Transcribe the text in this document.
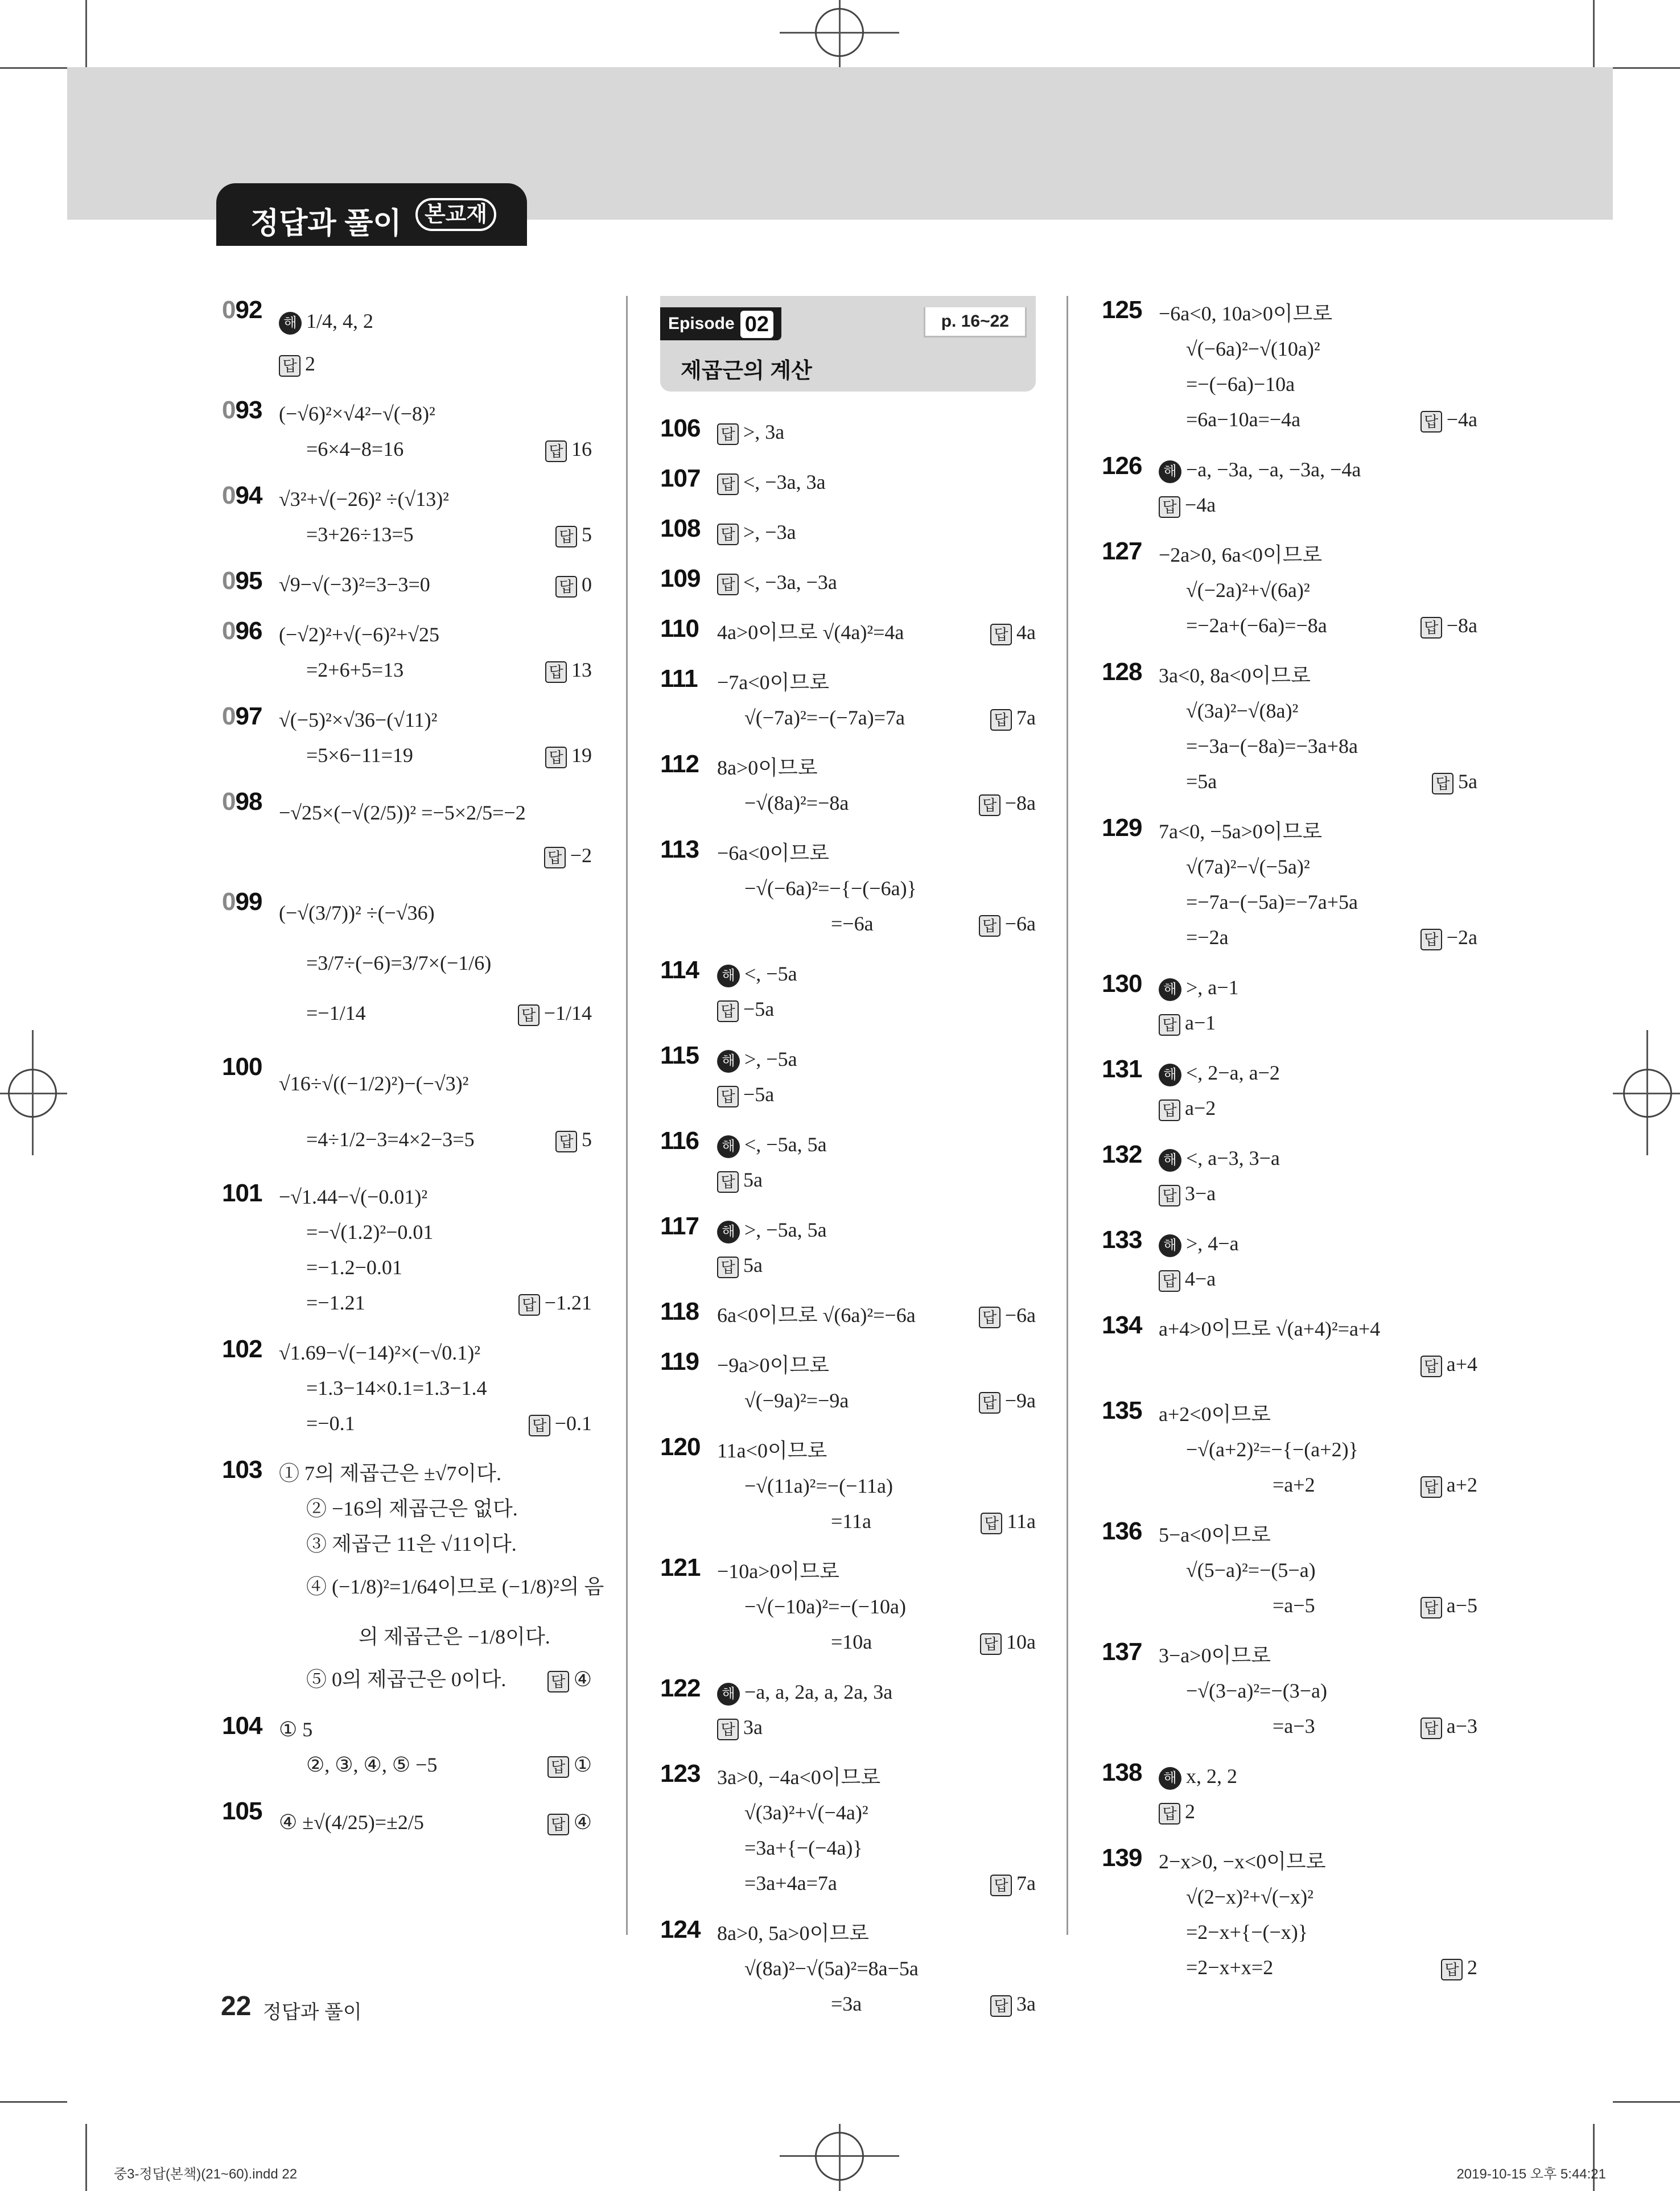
정답과 풀이	본교재
092	해 1/4, 4, 2
답 2
093 (−√6)²×√4²−√(−8)²
=6×4−8=16	답 16
094 √3²+√(−26)² ÷(√13)²
=3+26÷13=5	답 5
095 √9−√(−3)²=3−3=0	답 0
096 (−√2)²+√(−6)²+√25
=2+6+5=13	답 13
097 √(−5)²×√36−(√11)²
=5×6−11=19	답 19
098 −√25×(−√(2/5))² =−5×2/5=−2
답 −2
099 (−√(3/7))² ÷(−√36)
=3/7÷(−6)=3/7×(−1/6)
=−1/14	답 −1/14
100
√16÷√((−1/2)²)−(−√3)²
=4÷1/2−3=4×2−3=5	답 5
101 −√1.44−√(−0.01)²
=−√(1.2)²−0.01
=−1.2−0.01
=−1.21	답 −1.21
102 √1.69−√(−14)²×(−√0.1)²
=1.3−14×0.1=1.3−1.4
=−0.1	답 −0.1
103 ① 7의 제곱근은 ±√7이다.
② −16의 제곱근은 없다.
③ 제곱근 11은 √11이다.
④ (−1/8)²=1/64이므로 (−1/8)²의 음
의 제곱근은 −1/8이다.
⑤ 0의 제곱근은 0이다.	답 ④
104 ① 5
②, ③, ④, ⑤ −5	답 ①
105 ④ ±√(4/25)=±2/5	답 ④
Episode 02	p. 16~22
제곱근의 계산
106	답 >, 3a
107	답 <, −3a, 3a
108	답 >, −3a
109	답 <, −3a, −3a
110 4a>0이므로 √(4a)²=4a	답 4a
111 −7a<0이므로
√(−7a)²=−(−7a)=7a	답 7a
112 8a>0이므로
−√(8a)²=−8a	답 −8a
113 −6a<0이므로
−√(−6a)²=−{−(−6a)}
=−6a	답 −6a
114	해 <, −5a
답 −5a
115	해 >, −5a
답 −5a
116	해 <, −5a, 5a
답 5a
117	해 >, −5a, 5a
답 5a
118 6a<0이므로 √(6a)²=−6a	답 −6a
119 −9a>0이므로
√(−9a)²=−9a	답 −9a
120 11a<0이므로
−√(11a)²=−(−11a)
=11a	답 11a
121 −10a>0이므로
−√(−10a)²=−(−10a)
=10a	답 10a
122	해 −a, a, 2a, a, 2a, 3a
답 3a
123 3a>0, −4a<0이므로
√(3a)²+√(−4a)²
=3a+{−(−4a)}
=3a+4a=7a	답 7a
124 8a>0, 5a>0이므로
√(8a)²−√(5a)²=8a−5a
=3a	답 3a
125 −6a<0, 10a>0이므로
√(−6a)²−√(10a)²
=−(−6a)−10a
=6a−10a=−4a	답 −4a
126	해 −a, −3a, −a, −3a, −4a
답 −4a
127 −2a>0, 6a<0이므로
√(−2a)²+√(6a)²
=−2a+(−6a)=−8a	답 −8a
128 3a<0, 8a<0이므로
√(3a)²−√(8a)²
=−3a−(−8a)=−3a+8a
=5a	답 5a
129 7a<0, −5a>0이므로
√(7a)²−√(−5a)²
=−7a−(−5a)=−7a+5a
=−2a	답 −2a
130	해 >, a−1
답 a−1
131	해 <, 2−a, a−2
답 a−2
132	해 <, a−3, 3−a
답 3−a
133	해 >, 4−a
답 4−a
134 a+4>0이므로 √(a+4)²=a+4
답 a+4
135 a+2<0이므로
−√(a+2)²=−{−(a+2)}
=a+2	답 a+2
136 5−a<0이므로
√(5−a)²=−(5−a)
=a−5	답 a−5
137 3−a>0이므로
−√(3−a)²=−(3−a)
=a−3	답 a−3
138	해 x, 2, 2
답 2
139 2−x>0, −x<0이므로
√(2−x)²+√(−x)²
=2−x+{−(−x)}
=2−x+x=2	답 2
22 정답과 풀이
중3-정답(본책)(21~60).indd 22	2019-10-15 오후 5:44:21
